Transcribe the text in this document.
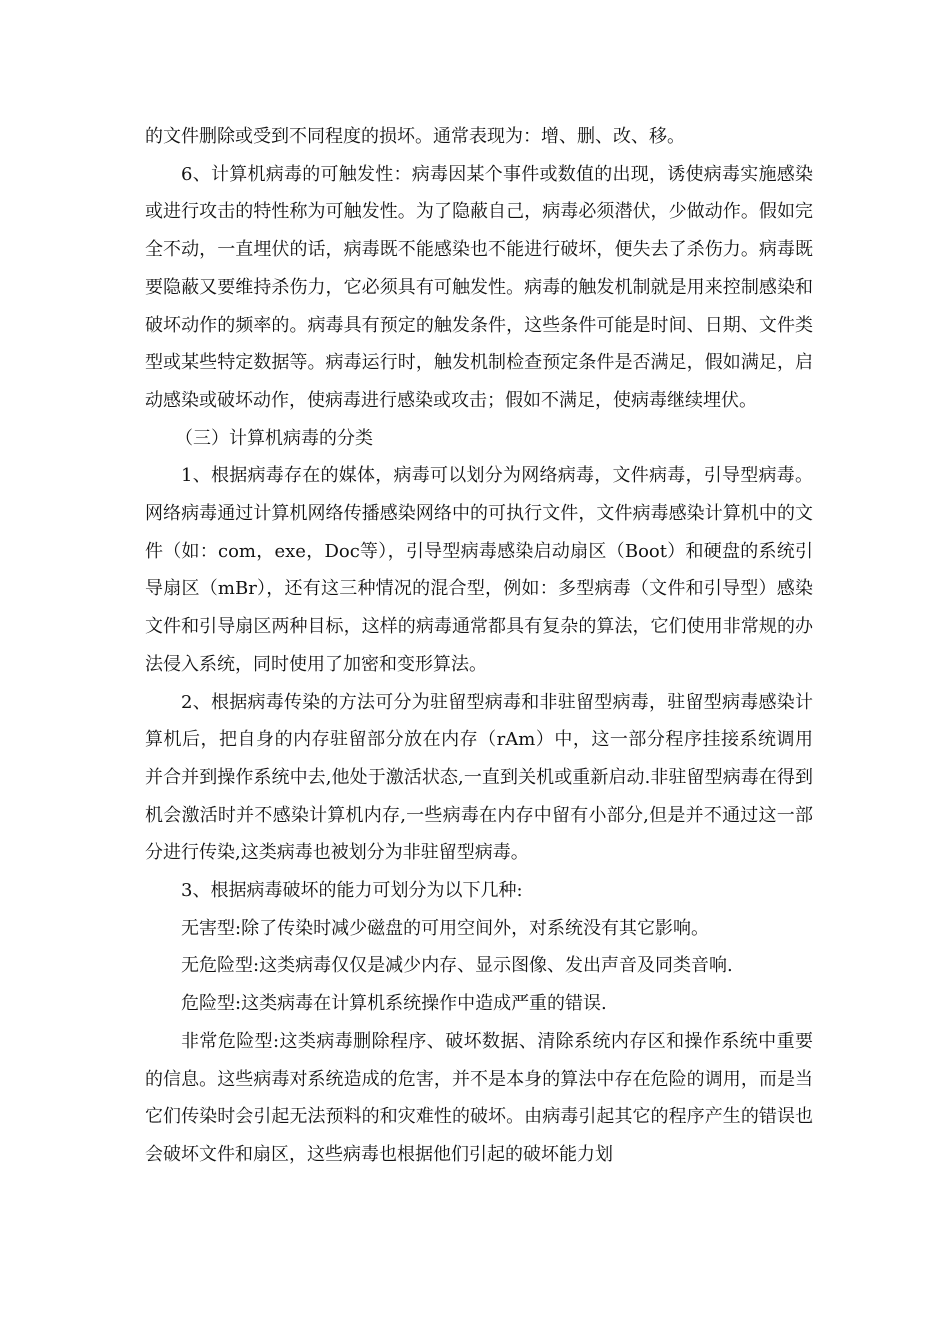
的文件删除或受到不同程度的损坏。通常表现为：增、删、改、移。

6、计算机病毒的可触发性：病毒因某个事件或数值的出现，诱使病毒实施感染或进行攻击的特性称为可触发性。为了隐蔽自己，病毒必须潜伏，少做动作。假如完全不动，一直埋伏的话，病毒既不能感染也不能进行破坏，便失去了杀伤力。病毒既要隐蔽又要维持杀伤力，它必须具有可触发性。病毒的触发机制就是用来控制感染和破坏动作的频率的。病毒具有预定的触发条件，这些条件可能是时间、日期、文件类型或某些特定数据等。病毒运行时，触发机制检查预定条件是否满足，假如满足，启动感染或破坏动作，使病毒进行感染或攻击；假如不满足，使病毒继续埋伏。

（三）计算机病毒的分类

1、根据病毒存在的媒体，病毒可以划分为网络病毒，文件病毒，引导型病毒。网络病毒通过计算机网络传播感染网络中的可执行文件，文件病毒感染计算机中的文件（如：com，exe，Doc等），引导型病毒感染启动扇区（Boot）和硬盘的系统引导扇区（mBr），还有这三种情况的混合型，例如：多型病毒（文件和引导型）感染文件和引导扇区两种目标，这样的病毒通常都具有复杂的算法，它们使用非常规的办法侵入系统，同时使用了加密和变形算法。

2、根据病毒传染的方法可分为驻留型病毒和非驻留型病毒，驻留型病毒感染计算机后，把自身的内存驻留部分放在内存（rAm）中，这一部分程序挂接系统调用并合并到操作系统中去,他处于激活状态,一直到关机或重新启动.非驻留型病毒在得到机会激活时并不感染计算机内存,一些病毒在内存中留有小部分,但是并不通过这一部分进行传染,这类病毒也被划分为非驻留型病毒。

3、根据病毒破坏的能力可划分为以下几种:

无害型:除了传染时减少磁盘的可用空间外，对系统没有其它影响。

无危险型:这类病毒仅仅是减少内存、显示图像、发出声音及同类音响.

危险型:这类病毒在计算机系统操作中造成严重的错误.

非常危险型:这类病毒删除程序、破坏数据、清除系统内存区和操作系统中重要的信息。这些病毒对系统造成的危害，并不是本身的算法中存在危险的调用，而是当它们传染时会引起无法预料的和灾难性的破坏。由病毒引起其它的程序产生的错误也会破坏文件和扇区，这些病毒也根据他们引起的破坏能力划
